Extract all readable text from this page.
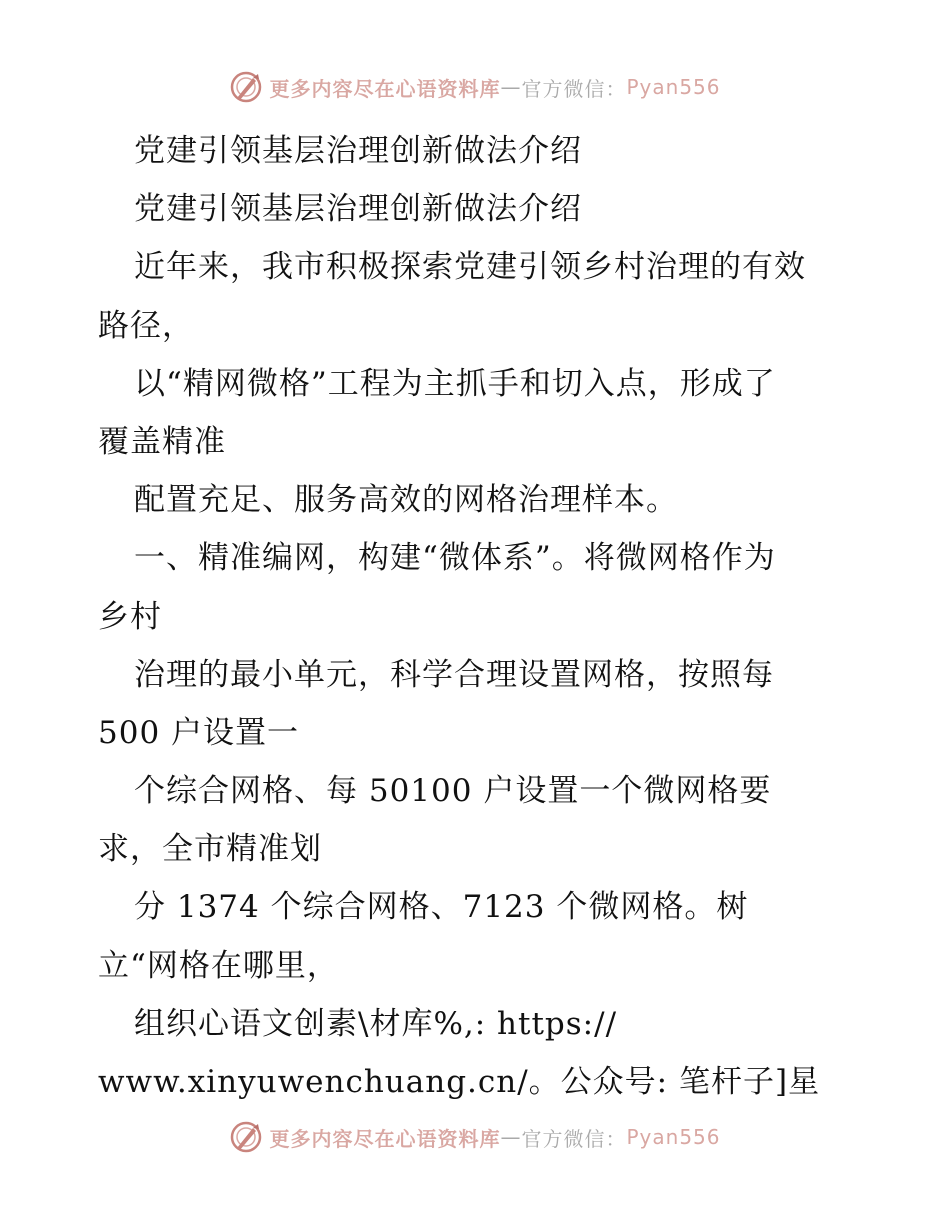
更多内容尽在心语资料库 — 官方微信： Pyan556
党建引领基层治理创新做法介绍
党建引领基层治理创新做法介绍
近年来，我市积极探索党建引领乡村治理的有效
路径，
以“精网微格”工程为主抓手和切入点，形成了
覆盖精准
配置充足、服务高效的网格治理样本。
一、精准编网，构建“微体系”。将微网格作为
乡村
治理的最小单元，科学合理设置网格，按照每
500 户设置一
个综合网格、每 50100 户设置一个微网格要
求，全市精准划
分 1374 个综合网格、7123 个微网格。树
立“网格在哪里，
组织心语文创素\材库%,: https://
www.xinyuwenchuang.cn/。公众号: 笔杆子]星
更多内容尽在心语资料库 — 官方微信： Pyan556
